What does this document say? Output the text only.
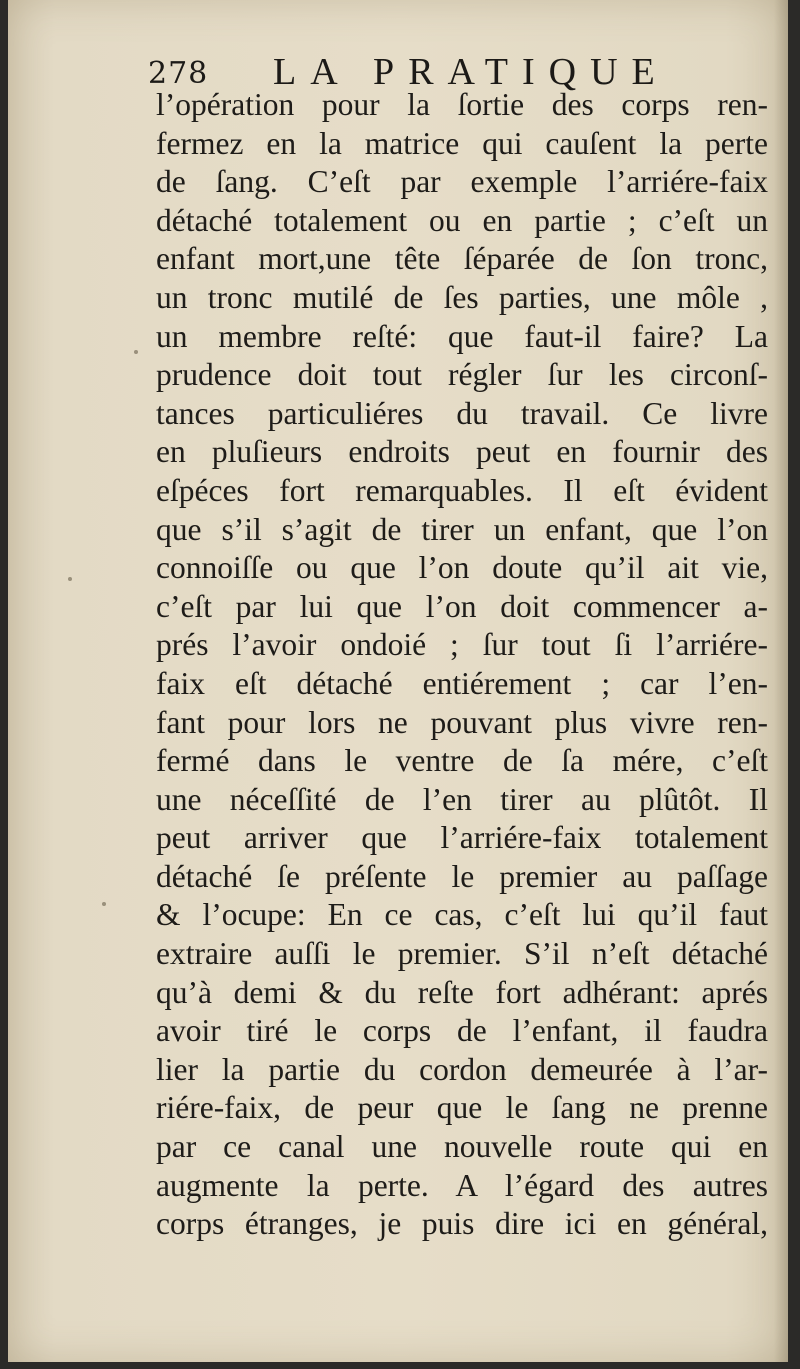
278 LA PRATIQUE
l’opération pour la ſortie des corps ren-
fermez en la matrice qui cauſent la perte
de ſang. C’eſt par exemple l’arriére-faix
détaché totalement ou en partie ; c’eſt un
enfant mort,une tête ſéparée de ſon tronc,
un tronc mutilé de ſes parties, une môle ,
un membre reſté: que faut-il faire? La
prudence doit tout régler ſur les circonſ-
tances particuliéres du travail. Ce livre
en pluſieurs endroits peut en fournir des
eſpéces fort remarquables. Il eſt évident
que s’il s’agit de tirer un enfant, que l’on
connoiſſe ou que l’on doute qu’il ait vie,
c’eſt par lui que l’on doit commencer a-
prés l’avoir ondoié ; ſur tout ſi l’arriére-
faix eſt détaché entiérement ; car l’en-
fant pour lors ne pouvant plus vivre ren-
fermé dans le ventre de ſa mére, c’eſt
une néceſſité de l’en tirer au plûtôt. Il
peut arriver que l’arriére-faix totalement
détaché ſe préſente le premier au paſſage
& l’ocupe: En ce cas, c’eſt lui qu’il faut
extraire auſſi le premier. S’il n’eſt détaché
qu’à demi & du reſte fort adhérant: aprés
avoir tiré le corps de l’enfant, il faudra
lier la partie du cordon demeurée à l’ar-
riére-faix, de peur que le ſang ne prenne
par ce canal une nouvelle route qui en
augmente la perte. A l’égard des autres
corps étranges, je puis dire ici en général,
